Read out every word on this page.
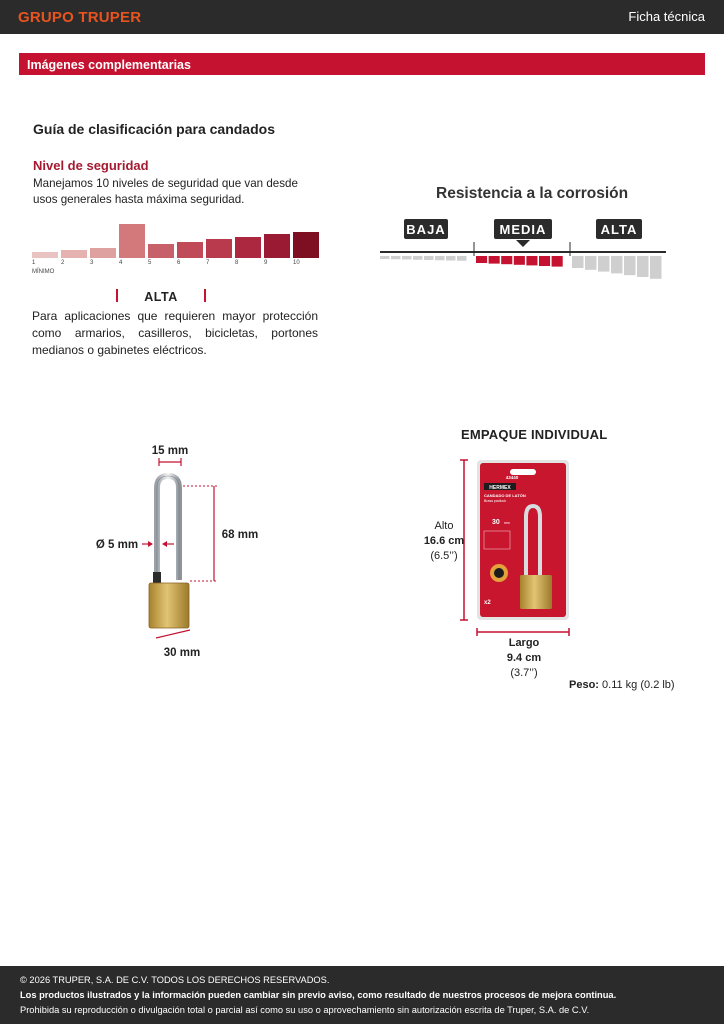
GRUPO TRUPER	Ficha técnica
Imágenes complementarias
Guía de clasificación para candados
Nivel de seguridad
Manejamos 10 niveles de seguridad que van desde usos generales hasta máxima seguridad.
MÍNIMO
1	2	3	4	5	6	7	8	9	10
ALTA
Para aplicaciones que requieren mayor protección como armarios, casilleros, bicicletas, portones medianos o gabinetes eléctricos.
Resistencia a la corrosión
BAJA	MEDIA	ALTA
15 mm
Ø 5 mm
68 mm
30 mm
EMPAQUE INDIVIDUAL
HERMEX
43440
CANDADO DE LATÓN
Brass padlock
30 mm
x2
Alto
16.6 cm
(6.5’’)
Largo
9.4 cm
(3.7’’)
Peso: 0.11 kg (0.2 lb)
© 2026 TRUPER, S.A. DE C.V. TODOS LOS DERECHOS RESERVADOS.
Los productos ilustrados y la información pueden cambiar sin previo aviso, como resultado de nuestros procesos de mejora continua.
Prohibida su reproducción o divulgación total o parcial así como su uso o aprovechamiento sin autorización escrita de Truper, S.A. de C.V.
